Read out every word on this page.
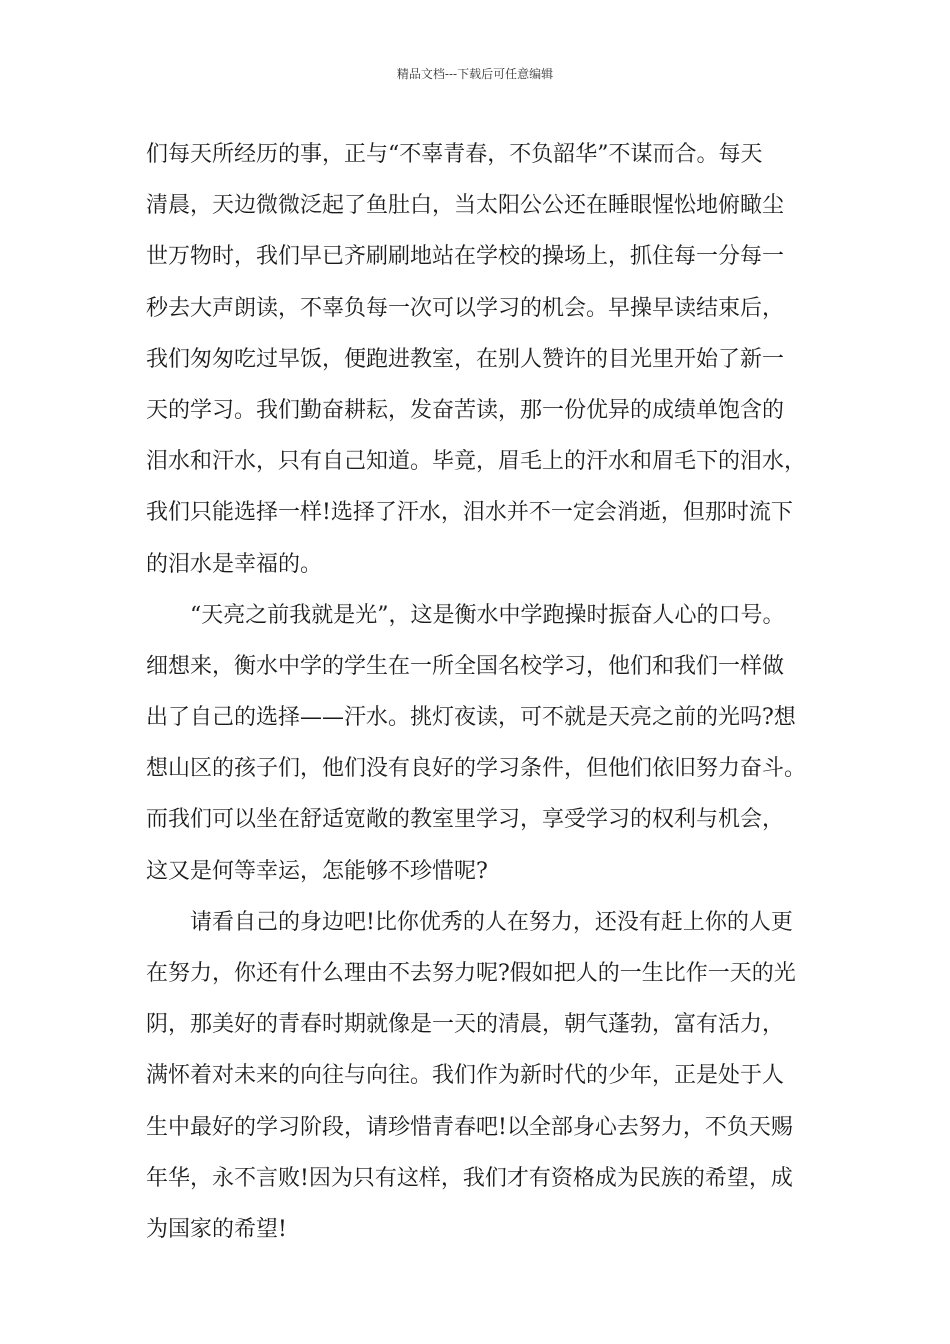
精品文档---下载后可任意编辑
们每天所经历的事，正与“不辜青春，不负韶华”不谋而合。每天
清晨，天边微微泛起了鱼肚白，当太阳公公还在睡眼惺忪地俯瞰尘
世万物时，我们早已齐刷刷地站在学校的操场上，抓住每一分每一
秒去大声朗读，不辜负每一次可以学习的机会。早操早读结束后，
我们匆匆吃过早饭，便跑进教室，在别人赞许的目光里开始了新一
天的学习。我们勤奋耕耘，发奋苦读，那一份优异的成绩单饱含的
泪水和汗水，只有自己知道。毕竟，眉毛上的汗水和眉毛下的泪水，
我们只能选择一样!选择了汗水，泪水并不一定会消逝，但那时流下
的泪水是幸福的。
“天亮之前我就是光”，这是衡水中学跑操时振奋人心的口号。
细想来，衡水中学的学生在一所全国名校学习，他们和我们一样做
出了自己的选择——汗水。挑灯夜读，可不就是天亮之前的光吗?想
想山区的孩子们，他们没有良好的学习条件，但他们依旧努力奋斗。
而我们可以坐在舒适宽敞的教室里学习，享受学习的权利与机会，
这又是何等幸运，怎能够不珍惜呢?
请看自己的身边吧!比你优秀的人在努力，还没有赶上你的人更
在努力，你还有什么理由不去努力呢?假如把人的一生比作一天的光
阴，那美好的青春时期就像是一天的清晨，朝气蓬勃，富有活力，
满怀着对未来的向往与向往。我们作为新时代的少年，正是处于人
生中最好的学习阶段，请珍惜青春吧!以全部身心去努力，不负天赐
年华，永不言败!因为只有这样，我们才有资格成为民族的希望，成
为国家的希望!
